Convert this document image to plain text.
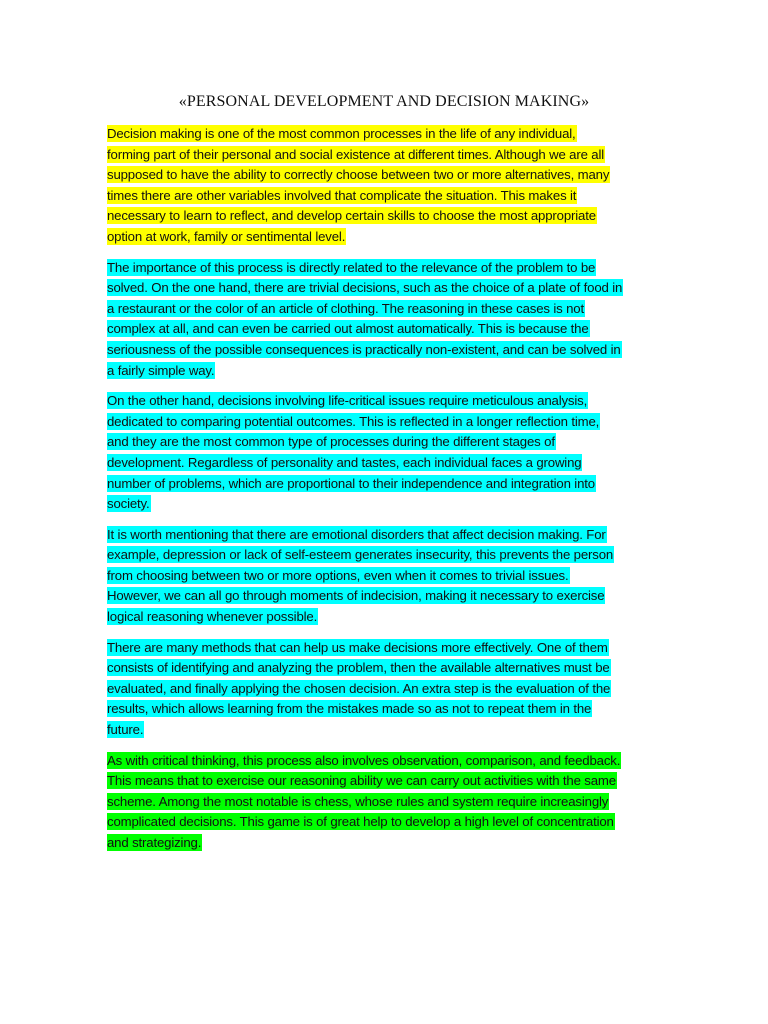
«PERSONAL DEVELOPMENT AND DECISION MAKING»

Decision making is one of the most common processes in the life of any individual,
forming part of their personal and social existence at different times. Although we are all
supposed to have the ability to correctly choose between two or more alternatives, many
times there are other variables involved that complicate the situation. This makes it
necessary to learn to reflect, and develop certain skills to choose the most appropriate
option at work, family or sentimental level.

The importance of this process is directly related to the relevance of the problem to be
solved. On the one hand, there are trivial decisions, such as the choice of a plate of food in
a restaurant or the color of an article of clothing. The reasoning in these cases is not
complex at all, and can even be carried out almost automatically. This is because the
seriousness of the possible consequences is practically non-existent, and can be solved in
a fairly simple way.

On the other hand, decisions involving life-critical issues require meticulous analysis,
dedicated to comparing potential outcomes. This is reflected in a longer reflection time,
and they are the most common type of processes during the different stages of
development. Regardless of personality and tastes, each individual faces a growing
number of problems, which are proportional to their independence and integration into
society.

It is worth mentioning that there are emotional disorders that affect decision making. For
example, depression or lack of self-esteem generates insecurity, this prevents the person
from choosing between two or more options, even when it comes to trivial issues.
However, we can all go through moments of indecision, making it necessary to exercise
logical reasoning whenever possible.

There are many methods that can help us make decisions more effectively. One of them
consists of identifying and analyzing the problem, then the available alternatives must be
evaluated, and finally applying the chosen decision. An extra step is the evaluation of the
results, which allows learning from the mistakes made so as not to repeat them in the
future.

As with critical thinking, this process also involves observation, comparison, and feedback.
This means that to exercise our reasoning ability we can carry out activities with the same
scheme. Among the most notable is chess, whose rules and system require increasingly
complicated decisions. This game is of great help to develop a high level of concentration
and strategizing.
